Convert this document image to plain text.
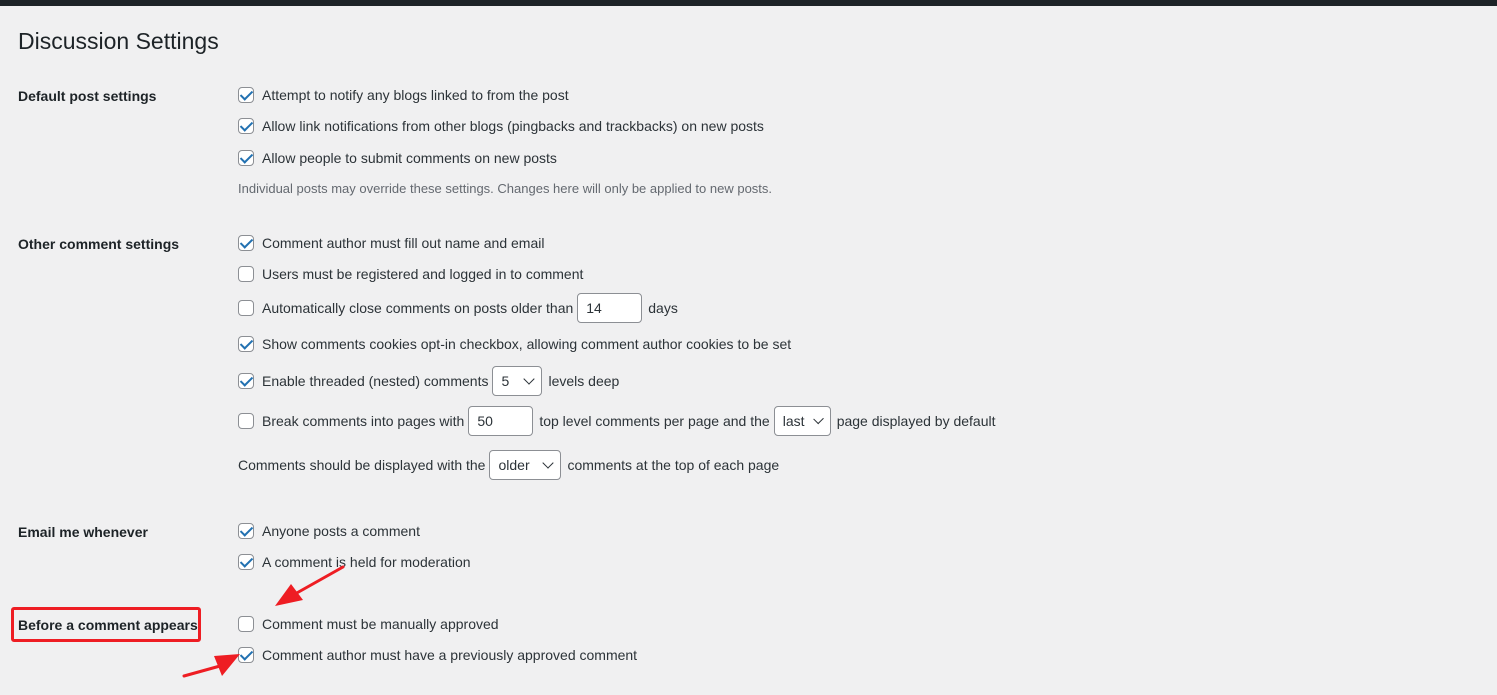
Discussion Settings
Default post settings	Attempt to notify any blogs linked to from the post
Allow link notifications from other blogs (pingbacks and trackbacks) on new posts
Allow people to submit comments on new posts
Individual posts may override these settings. Changes here will only be applied to new posts.
Other comment settings	Comment author must fill out name and email
Users must be registered and logged in to comment
Automatically close comments on posts older than 14	days
Show comments cookies opt-in checkbox, allowing comment author cookies to be set
Enable threaded (nested) comments 5	levels deep
Break comments into pages with 50	top level comments per page and the last page displayed by default
Comments should be displayed with the older	comments at the top of each page
Email me whenever	Anyone posts a comment
A comment is held for moderation
Before a comment appears	Comment must be manually approved
Comment author must have a previously approved comment
